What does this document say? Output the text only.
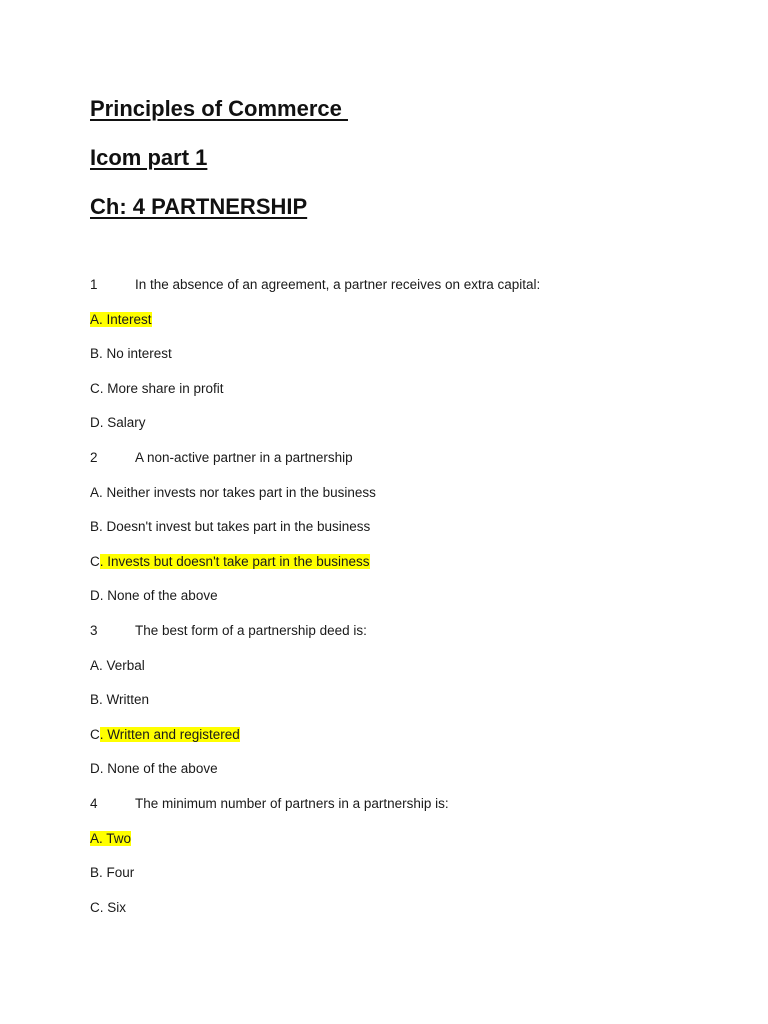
Principles of Commerce
Icom part 1
Ch: 4 PARTNERSHIP
1	In the absence of an agreement, a partner receives on extra capital:
A. Interest
B. No interest
C. More share in profit
D. Salary
2	A non-active partner in a partnership
A. Neither invests nor takes part in the business
B. Doesn't invest but takes part in the business
C. Invests but doesn't take part in the business
D. None of the above
3	The best form of a partnership deed is:
A. Verbal
B. Written
C. Written and registered
D. None of the above
4	The minimum number of partners in a partnership is:
A. Two
B. Four
C. Six
